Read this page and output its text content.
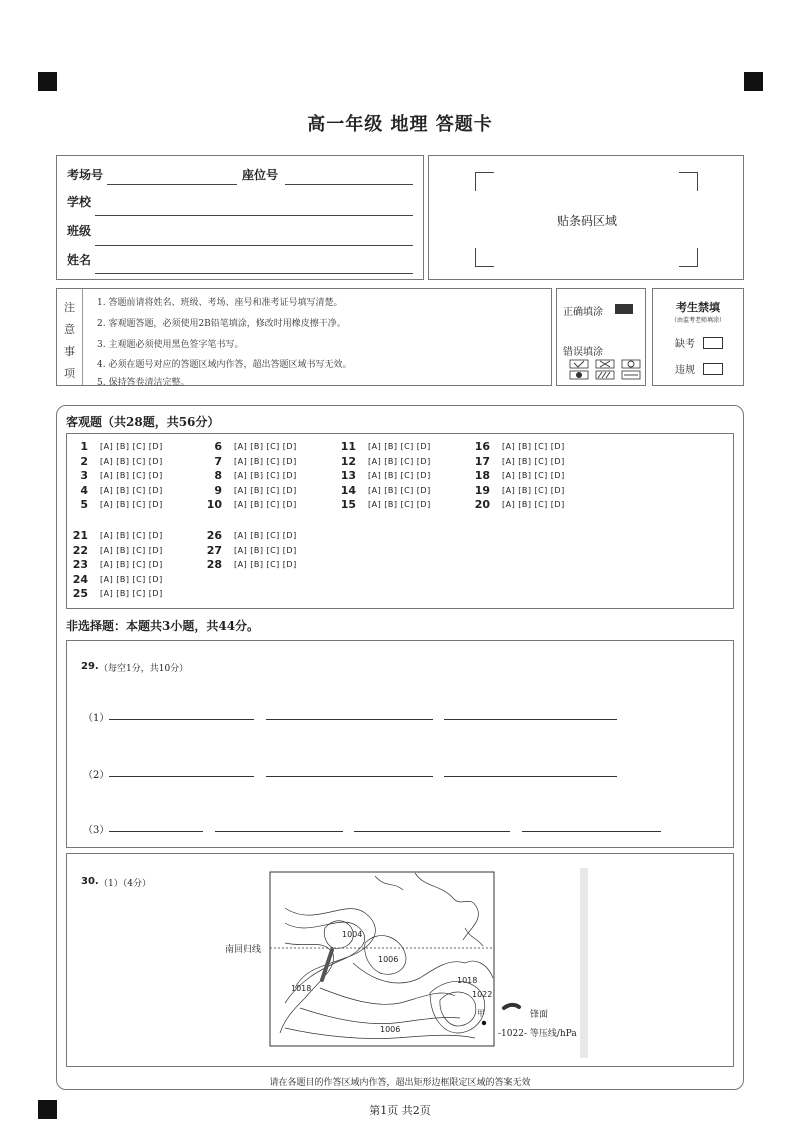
高一年级 地理 答题卡
考场号	座位号
学校
班级
姓名
贴条码区域
注
意
事
项
1. 答题前请将姓名、班级、考场、座号和准考证号填写清楚。
2. 客观题答题，必须使用2B铅笔填涂，修改时用橡皮擦干净。
3. 主观题必须使用黑色签字笔书写。
4. 必须在题号对应的答题区域内作答，超出答题区域书写无效。
5. 保持答卷清洁完整。
正确填涂
错误填涂
考生禁填
（由监考老师填涂）
缺考
违规
客观题（共28题，共56分）
1 [A] [B] [C] [D]
2 [A] [B] [C] [D]
3 [A] [B] [C] [D]
4 [A] [B] [C] [D]
5 [A] [B] [C] [D]
6 [A] [B] [C] [D]
7 [A] [B] [C] [D]
8 [A] [B] [C] [D]
9 [A] [B] [C] [D]
10 [A] [B] [C] [D]
11 [A] [B] [C] [D]
12 [A] [B] [C] [D]
13 [A] [B] [C] [D]
14 [A] [B] [C] [D]
15 [A] [B] [C] [D]
16 [A] [B] [C] [D]
17 [A] [B] [C] [D]
18 [A] [B] [C] [D]
19 [A] [B] [C] [D]
20 [A] [B] [C] [D]
21 [A] [B] [C] [D]
22 [A] [B] [C] [D]
23 [A] [B] [C] [D]
24 [A] [B] [C] [D]
25 [A] [B] [C] [D]
26 [A] [B] [C] [D]
27 [A] [B] [C] [D]
28 [A] [B] [C] [D]
非选择题：本题共3小题，共44分。
29. （每空1分，共10分）
（1）
（2）
（3）
30. （1）（4分）
南回归线
1004
1006
1018
1018
1022
1006
甲	锋面
-1022- 等压线/hPa
请在各题目的作答区域内作答，超出矩形边框限定区域的答案无效
第1页 共2页
